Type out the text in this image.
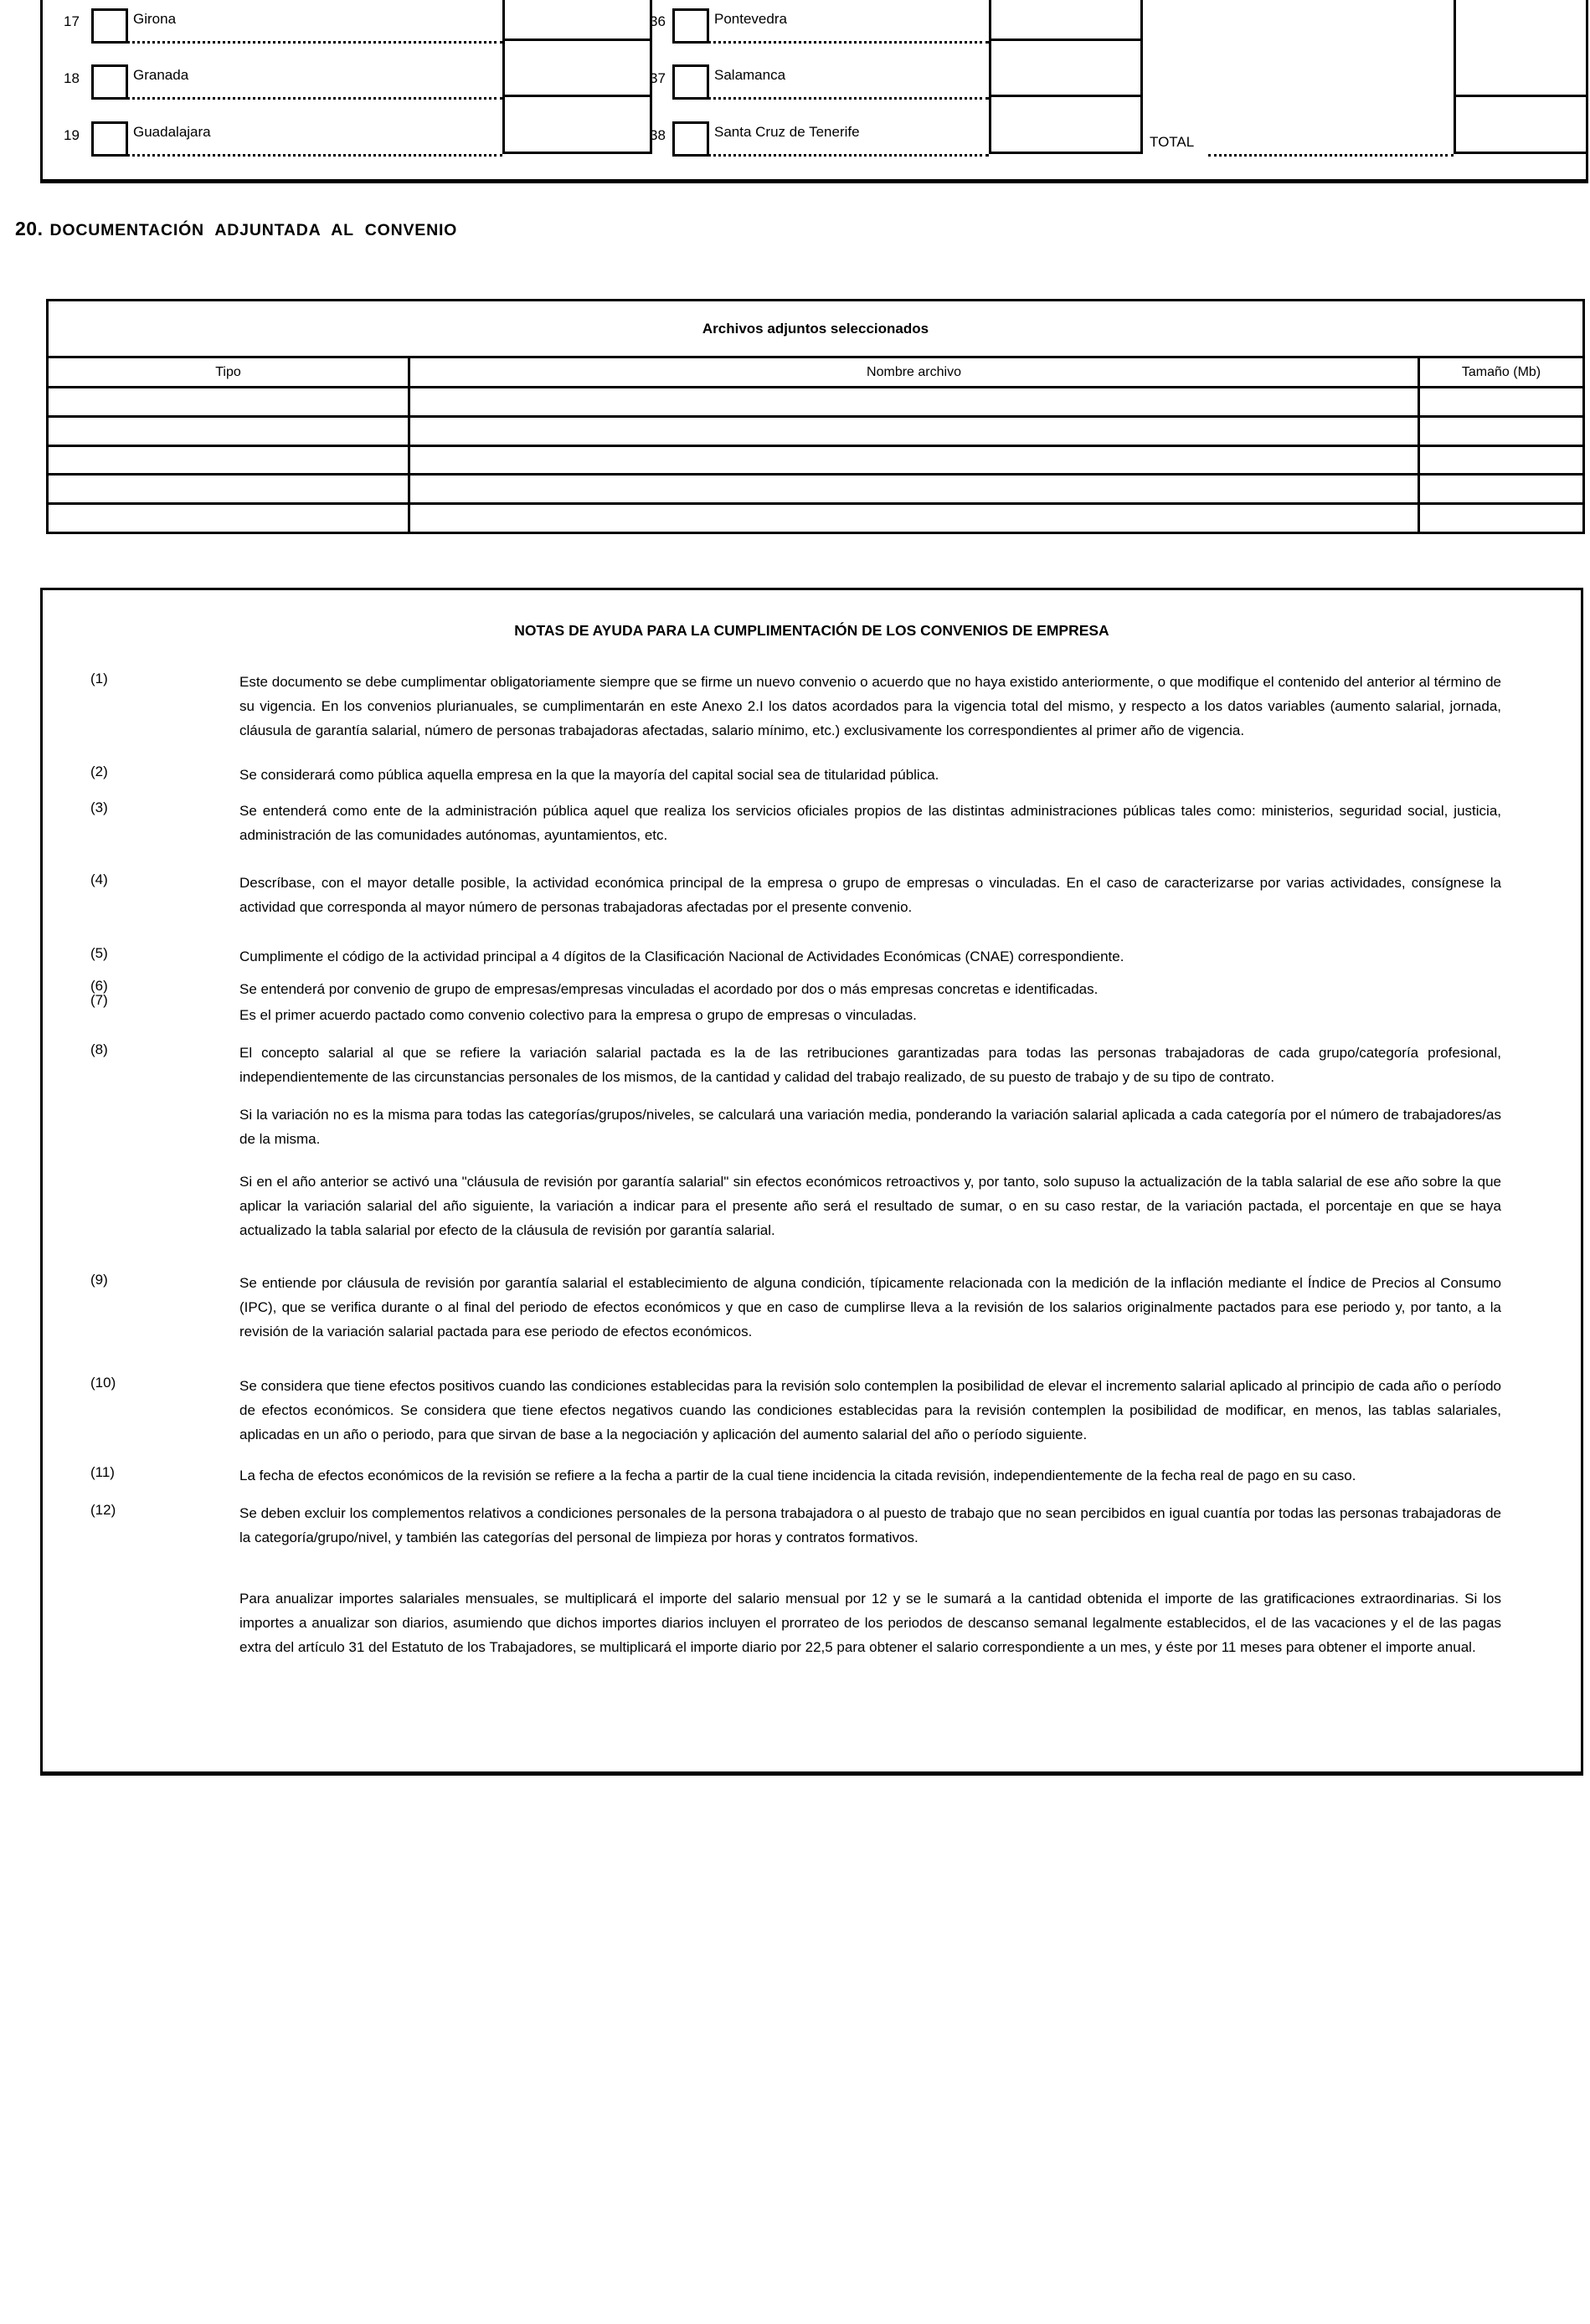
17	Girona
18	Granada
19	Guadalajara
36	Pontevedra
37	Salamanca
38	Santa Cruz de Tenerife
TOTAL
20. DOCUMENTACIÓN ADJUNTADA AL CONVENIO
Archivos adjuntos seleccionados
Tipo	Nombre archivo	Tamaño (Mb)
NOTAS DE AYUDA PARA LA CUMPLIMENTACIÓN DE LOS CONVENIOS DE EMPRESA
(1)	Este documento se debe cumplimentar obligatoriamente siempre que se firme un nuevo convenio o acuerdo que no haya existido anteriormente, o que modifique el contenido del anterior al término de su vigencia. En los convenios plurianuales, se cumplimentarán en este Anexo 2.I los datos acordados para la vigencia total del mismo, y respecto a los datos variables (aumento salarial, jornada, cláusula de garantía salarial, número de personas trabajadoras afectadas, salario mínimo, etc.) exclusivamente los correspondientes al primer año de vigencia.
(2)	Se considerará como pública aquella empresa en la que la mayoría del capital social sea de titularidad pública.
(3)	Se entenderá como ente de la administración pública aquel que realiza los servicios oficiales propios de las distintas administraciones públicas tales como: ministerios, seguridad social, justicia, administración de las comunidades autónomas, ayuntamientos, etc.
(4)	Descríbase, con el mayor detalle posible, la actividad económica principal de la empresa o grupo de empresas o vinculadas. En el caso de caracterizarse por varias actividades, consígnese la actividad que corresponda al mayor número de personas trabajadoras afectadas por el presente convenio.
(5)	Cumplimente el código de la actividad principal a 4 dígitos de la Clasificación Nacional de Actividades Económicas (CNAE) correspondiente.
(6)	Se entenderá por convenio de grupo de empresas/empresas vinculadas el acordado por dos o más empresas concretas e identificadas.
(7)
Es el primer acuerdo pactado como convenio colectivo para la empresa o grupo de empresas o vinculadas.
(8)	El concepto salarial al que se refiere la variación salarial pactada es la de las retribuciones garantizadas para todas las personas trabajadoras de cada grupo/categoría profesional, independientemente de las circunstancias personales de los mismos, de la cantidad y calidad del trabajo realizado, de su puesto de trabajo y de su tipo de contrato.
Si la variación no es la misma para todas las categorías/grupos/niveles, se calculará una variación media, ponderando la variación salarial aplicada a cada categoría por el número de trabajadores/as de la misma.
Si en el año anterior se activó una "cláusula de revisión por garantía salarial" sin efectos económicos retroactivos y, por tanto, solo supuso la actualización de la tabla salarial de ese año sobre la que aplicar la variación salarial del año siguiente, la variación a indicar para el presente año será el resultado de sumar, o en su caso restar, de la variación pactada, el porcentaje en que se haya actualizado la tabla salarial por efecto de la cláusula de revisión por garantía salarial.
(9)	Se entiende por cláusula de revisión por garantía salarial el establecimiento de alguna condición, típicamente relacionada con la medición de la inflación mediante el Índice de Precios al Consumo (IPC), que se verifica durante o al final del periodo de efectos económicos y que en caso de cumplirse lleva a la revisión de los salarios originalmente pactados para ese periodo y, por tanto, a la revisión de la variación salarial pactada para ese periodo de efectos económicos.
(10)	Se considera que tiene efectos positivos cuando las condiciones establecidas para la revisión solo contemplen la posibilidad de elevar el incremento salarial aplicado al principio de cada año o período de efectos económicos. Se considera que tiene efectos negativos cuando las condiciones establecidas para la revisión contemplen la posibilidad de modificar, en menos, las tablas salariales, aplicadas en un año o periodo, para que sirvan de base a la negociación y aplicación del aumento salarial del año o período siguiente.
(11)	La fecha de efectos económicos de la revisión se refiere a la fecha a partir de la cual tiene incidencia la citada revisión, independientemente de la fecha real de pago en su caso.
(12)	Se deben excluir los complementos relativos a condiciones personales de la persona trabajadora o al puesto de trabajo que no sean percibidos en igual cuantía por todas las personas trabajadoras de la categoría/grupo/nivel, y también las categorías del personal de limpieza por horas y contratos formativos.
Para anualizar importes salariales mensuales, se multiplicará el importe del salario mensual por 12 y se le sumará a la cantidad obtenida el importe de las gratificaciones extraordinarias. Si los importes a anualizar son diarios, asumiendo que dichos importes diarios incluyen el prorrateo de los periodos de descanso semanal legalmente establecidos, el de las vacaciones y el de las pagas extra del artículo 31 del Estatuto de los Trabajadores, se multiplicará el importe diario por 22,5 para obtener el salario correspondiente a un mes, y éste por 11 meses para obtener el importe anual.
